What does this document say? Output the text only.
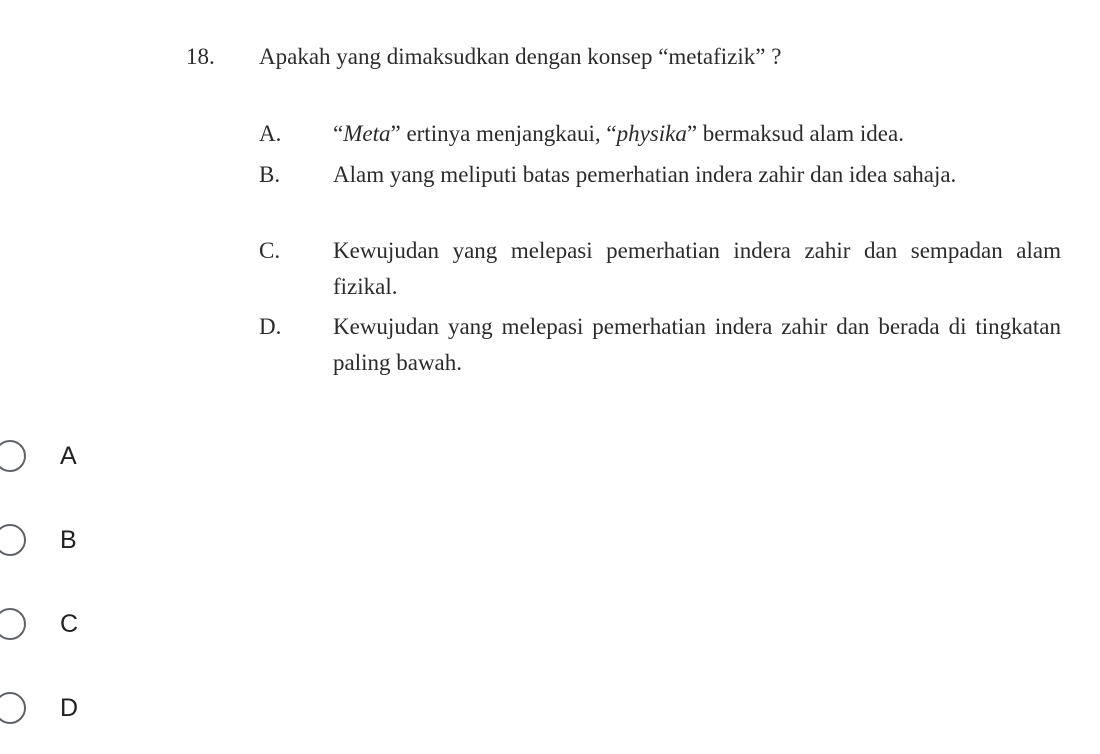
18. Apakah yang dimaksudkan dengan konsep “metafizik” ?
A. “Meta” ertinya menjangkaui, “physika” bermaksud alam idea.
B. Alam yang meliputi batas pemerhatian indera zahir dan idea sahaja.
C. Kewujudan yang melepasi pemerhatian indera zahir dan sempadan alam fizikal.
D. Kewujudan yang melepasi pemerhatian indera zahir dan berada di tingkatan paling bawah.
A
B
C
D
